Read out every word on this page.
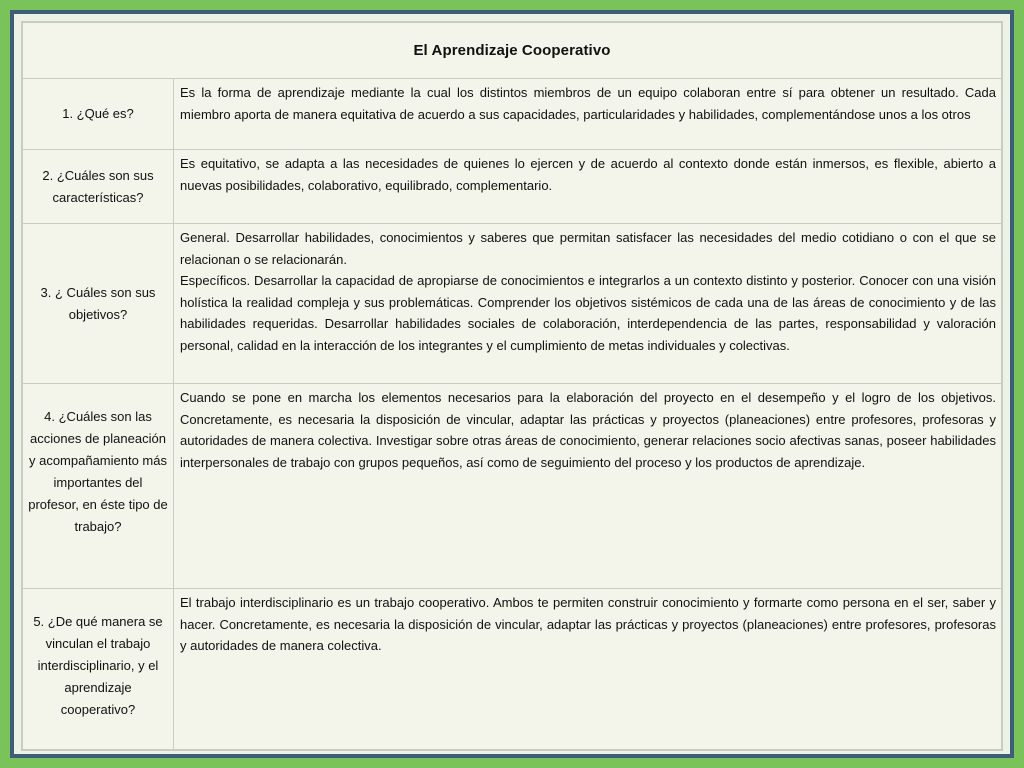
El Aprendizaje Cooperativo	
1. ¿Qué es?	Es la forma de aprendizaje mediante la cual los distintos miembros de un equipo colaboran entre sí para obtener un resultado. Cada miembro aporta de manera equitativa de acuerdo a sus capacidades, particularidades y habilidades, complementándose unos a los otros

2. ¿Cuáles son sus características?	Es equitativo, se adapta a las necesidades de quienes lo ejercen y de acuerdo al contexto donde están inmersos, es flexible, abierto a nuevas posibilidades, colaborativo, equilibrado, complementario.

3. ¿ Cuáles son sus objetivos?	General. Desarrollar habilidades, conocimientos y saberes que permitan satisfacer las necesidades del medio cotidiano o con el que se relacionan o se relacionarán.
Específicos. Desarrollar la capacidad de apropiarse de conocimientos e integrarlos a un contexto distinto y posterior. Conocer con una visión holística la realidad compleja y sus problemáticas. Comprender los objetivos sistémicos de cada una de las áreas de conocimiento y de las habilidades requeridas. Desarrollar habilidades sociales de colaboración, interdependencia de las partes, responsabilidad y valoración personal, calidad en la interacción de los integrantes y el cumplimiento de metas individuales y colectivas.

4. ¿Cuáles son las acciones de planeación y acompañamiento más importantes del profesor, en éste tipo de trabajo?	Cuando se pone en marcha los elementos necesarios para la elaboración del proyecto en el desempeño y el logro de los objetivos. Concretamente, es necesaria la disposición de vincular, adaptar las prácticas y proyectos (planeaciones) entre profesores, profesoras y autoridades de manera colectiva. Investigar sobre otras áreas de conocimiento, generar relaciones socio afectivas sanas, poseer habilidades interpersonales de trabajo con grupos pequeños, así como de seguimiento del proceso y los productos de aprendizaje.

5. ¿De qué manera se vinculan el trabajo interdisciplinario, y el aprendizaje cooperativo?	El trabajo interdisciplinario es un trabajo cooperativo. Ambos te permiten construir conocimiento y formarte como persona en el ser, saber y hacer. Concretamente, es necesaria la disposición de vincular, adaptar las prácticas y proyectos (planeaciones) entre profesores, profesoras y autoridades de manera colectiva.
